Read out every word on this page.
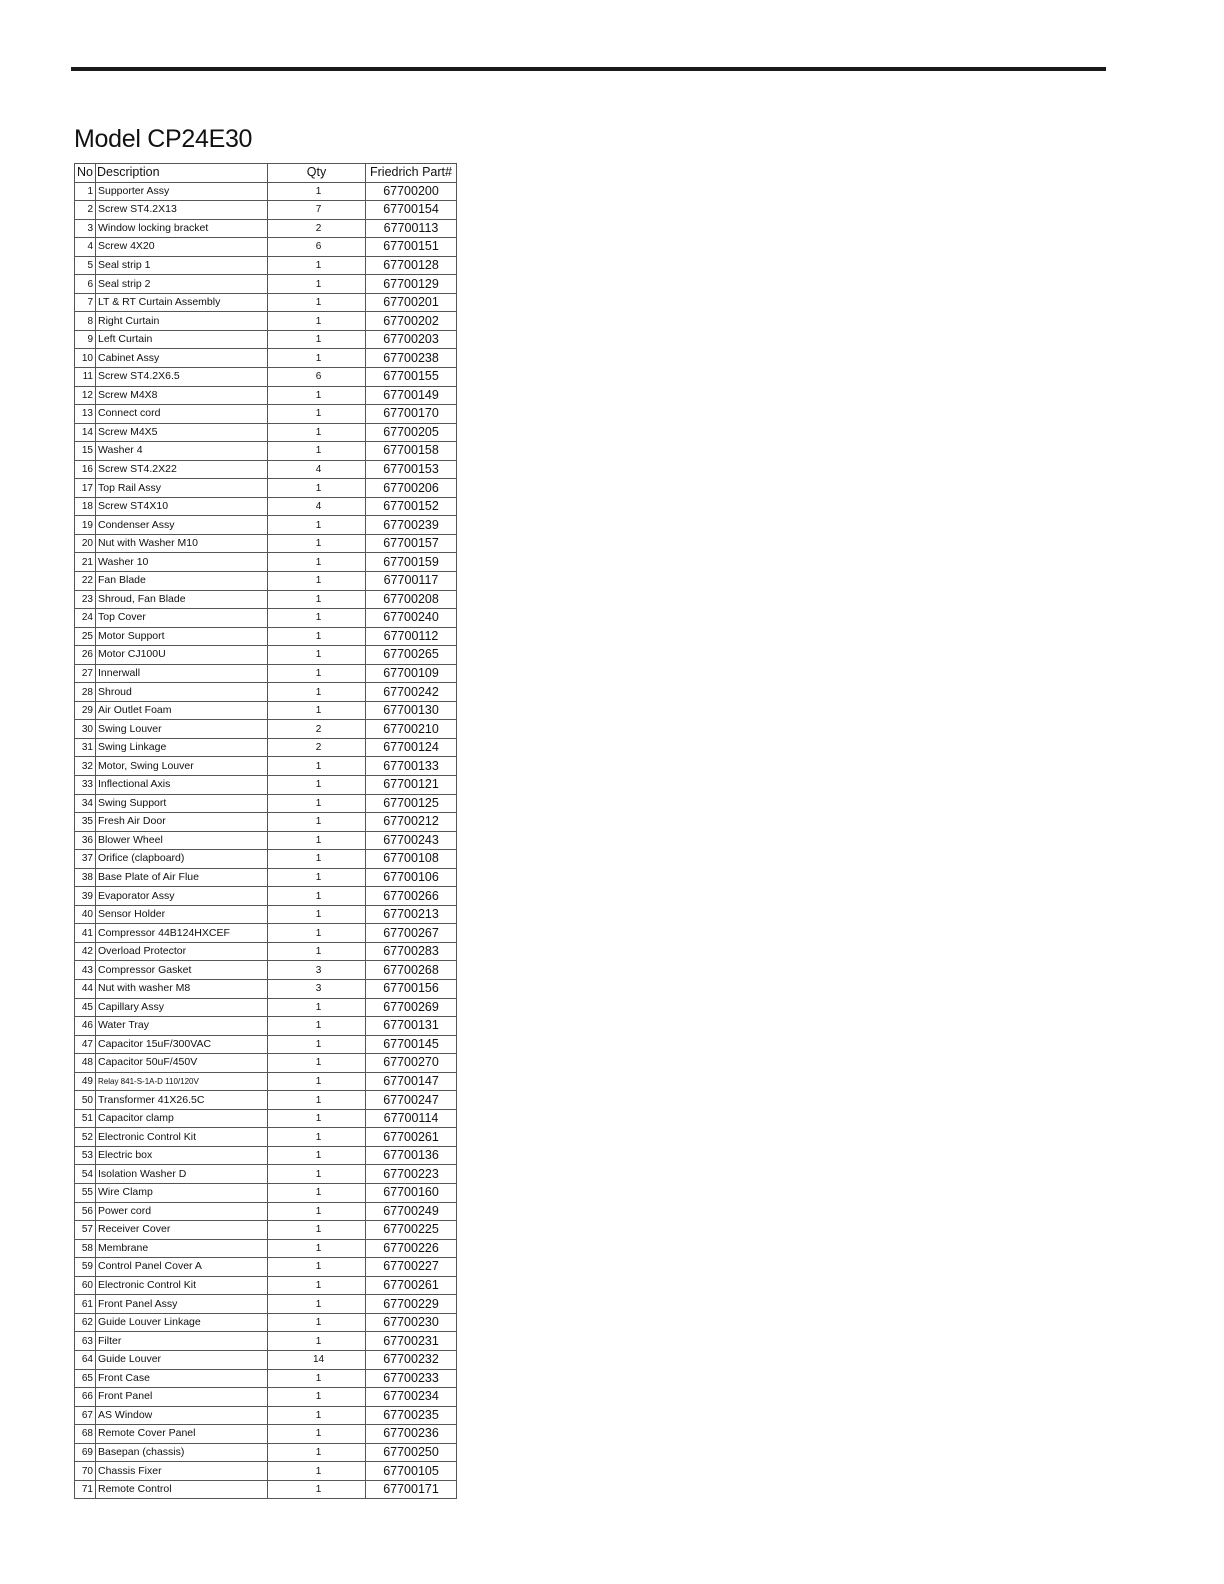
Model CP24E30
No	Description	Qty	Friedrich Part#
1	Supporter Assy	1	67700200
2	Screw ST4.2X13	7	67700154
3	Window locking bracket	2	67700113
4	Screw 4X20	6	67700151
5	Seal strip 1	1	67700128
6	Seal strip 2	1	67700129
7	LT & RT Curtain Assembly	1	67700201
8	Right Curtain	1	67700202
9	Left Curtain	1	67700203
10	Cabinet Assy	1	67700238
11	Screw ST4.2X6.5	6	67700155
12	Screw M4X8	1	67700149
13	Connect cord	1	67700170
14	Screw M4X5	1	67700205
15	Washer 4	1	67700158
16	Screw ST4.2X22	4	67700153
17	Top Rail Assy	1	67700206
18	Screw ST4X10	4	67700152
19	Condenser Assy	1	67700239
20	Nut with Washer M10	1	67700157
21	Washer 10	1	67700159
22	Fan Blade	1	67700117
23	Shroud, Fan Blade	1	67700208
24	Top Cover	1	67700240
25	Motor Support	1	67700112
26	Motor CJ100U	1	67700265
27	Innerwall	1	67700109
28	Shroud	1	67700242
29	Air Outlet Foam	1	67700130
30	Swing Louver	2	67700210
31	Swing Linkage	2	67700124
32	Motor, Swing Louver	1	67700133
33	Inflectional Axis	1	67700121
34	Swing Support	1	67700125
35	Fresh Air Door	1	67700212
36	Blower Wheel	1	67700243
37	Orifice (clapboard)	1	67700108
38	Base Plate of Air Flue	1	67700106
39	Evaporator Assy	1	67700266
40	Sensor Holder	1	67700213
41	Compressor 44B124HXCEF	1	67700267
42	Overload Protector	1	67700283
43	Compressor Gasket	3	67700268
44	Nut with washer M8	3	67700156
45	Capillary Assy	1	67700269
46	Water Tray	1	67700131
47	Capacitor 15uF/300VAC	1	67700145
48	Capacitor 50uF/450V	1	67700270
49	Relay 841-S-1A-D 110/120V	1	67700147
50	Transformer 41X26.5C	1	67700247
51	Capacitor clamp	1	67700114
52	Electronic Control Kit	1	67700261
53	Electric box	1	67700136
54	Isolation Washer D	1	67700223
55	Wire Clamp	1	67700160
56	Power cord	1	67700249
57	Receiver Cover	1	67700225
58	Membrane	1	67700226
59	Control Panel Cover A	1	67700227
60	Electronic Control Kit	1	67700261
61	Front Panel Assy	1	67700229
62	Guide Louver Linkage	1	67700230
63	Filter	1	67700231
64	Guide Louver	14	67700232
65	Front Case	1	67700233
66	Front Panel	1	67700234
67	AS Window	1	67700235
68	Remote Cover Panel	1	67700236
69	Basepan (chassis)	1	67700250
70	Chassis Fixer	1	67700105
71	Remote Control	1	67700171
